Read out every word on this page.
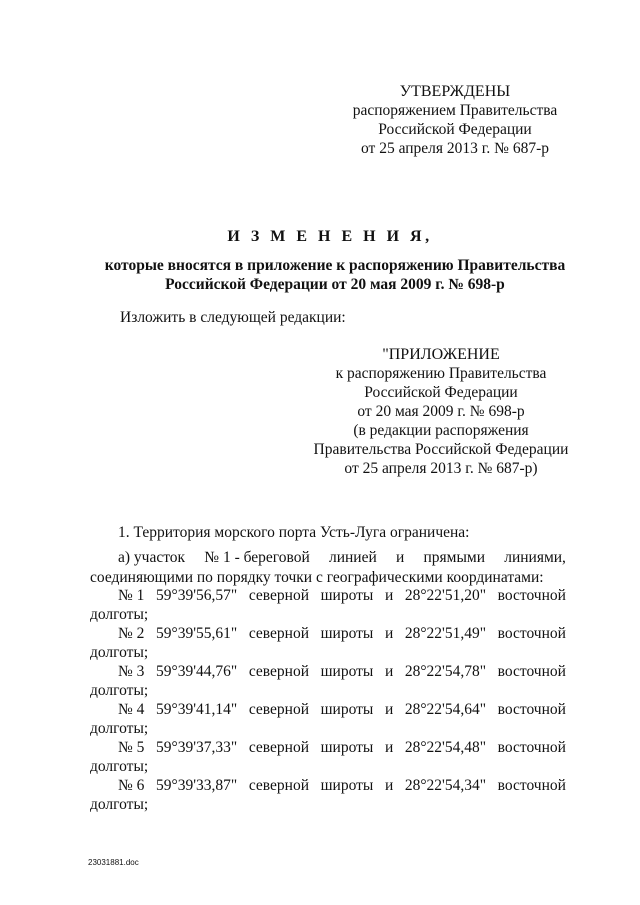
УТВЕРЖДЕНЫ
распоряжением Правительства
Российской Федерации
от 25 апреля 2013 г. № 687-р
И З М Е Н Е Н И Я,
которые вносятся в приложение к распоряжению Правительства
Российской Федерации от 20 мая 2009 г. № 698-р
Изложить в следующей редакции:
"ПРИЛОЖЕНИЕ
к распоряжению Правительства
Российской Федерации
от 20 мая 2009 г. № 698-р
(в редакции распоряжения
Правительства Российской Федерации
от 25 апреля 2013 г. № 687-р)
1. Территория морского порта Усть-Луга ограничена:
а) участок № 1 - береговой линией и прямыми линиями,
соединяющими по порядку точки с географическими координатами:
№ 1 59°39'56,57" северной широты и 28°22'51,20" восточной
долготы;
№ 2 59°39'55,61" северной широты и 28°22'51,49" восточной
долготы;
№ 3 59°39'44,76" северной широты и 28°22'54,78" восточной
долготы;
№ 4 59°39'41,14" северной широты и 28°22'54,64" восточной
долготы;
№ 5 59°39'37,33" северной широты и 28°22'54,48" восточной
долготы;
№ 6 59°39'33,87" северной широты и 28°22'54,34" восточной
долготы;
23031881.doc
